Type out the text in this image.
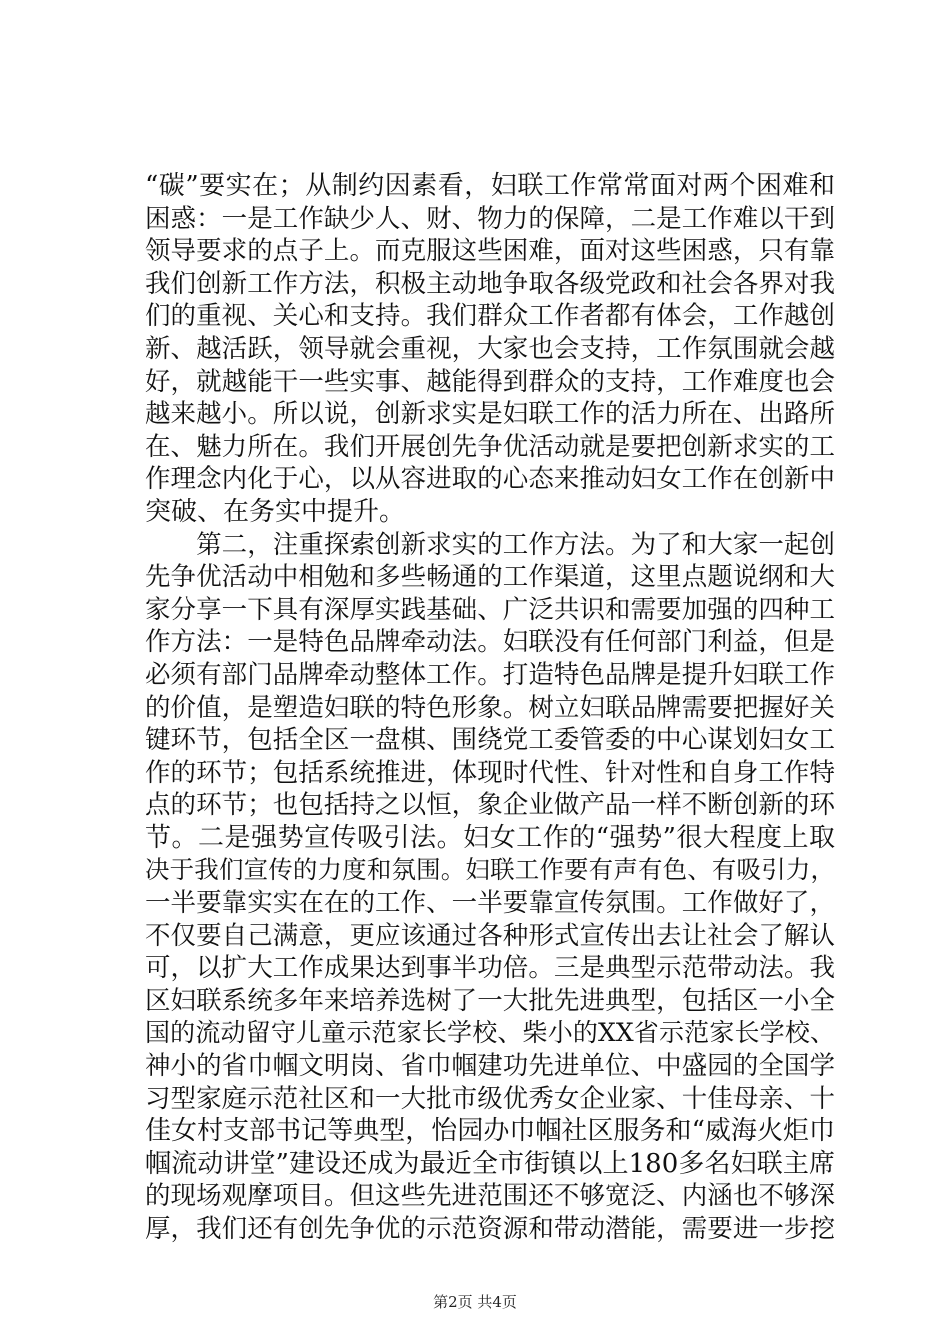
“碳”要实在；从制约因素看，妇联工作常常面对两个困难和
困惑：一是工作缺少人、财、物力的保障，二是工作难以干到
领导要求的点子上。而克服这些困难，面对这些困惑，只有靠
我们创新工作方法，积极主动地争取各级党政和社会各界对我
们的重视、关心和支持。我们群众工作者都有体会，工作越创
新、越活跃，领导就会重视，大家也会支持，工作氛围就会越
好，就越能干一些实事、越能得到群众的支持，工作难度也会
越来越小。所以说，创新求实是妇联工作的活力所在、出路所
在、魅力所在。我们开展创先争优活动就是要把创新求实的工
作理念内化于心，以从容进取的心态来推动妇女工作在创新中
突破、在务实中提升。
　　第二，注重探索创新求实的工作方法。为了和大家一起创
先争优活动中相勉和多些畅通的工作渠道，这里点题说纲和大
家分享一下具有深厚实践基础、广泛共识和需要加强的四种工
作方法：一是特色品牌牵动法。妇联没有任何部门利益，但是
必须有部门品牌牵动整体工作。打造特色品牌是提升妇联工作
的价值，是塑造妇联的特色形象。树立妇联品牌需要把握好关
键环节，包括全区一盘棋、围绕党工委管委的中心谋划妇女工
作的环节；包括系统推进，体现时代性、针对性和自身工作特
点的环节；也包括持之以恒，象企业做产品一样不断创新的环
节。二是强势宣传吸引法。妇女工作的“强势”很大程度上取
决于我们宣传的力度和氛围。妇联工作要有声有色、有吸引力，
一半要靠实实在在的工作、一半要靠宣传氛围。工作做好了，
不仅要自己满意，更应该通过各种形式宣传出去让社会了解认
可，以扩大工作成果达到事半功倍。三是典型示范带动法。我
区妇联系统多年来培养选树了一大批先进典型，包括区一小全
国的流动留守儿童示范家长学校、柴小的XX省示范家长学校、
神小的省巾帼文明岗、省巾帼建功先进单位、中盛园的全国学
习型家庭示范社区和一大批市级优秀女企业家、十佳母亲、十
佳女村支部书记等典型，怡园办巾帼社区服务和“威海火炬巾
帼流动讲堂”建设还成为最近全市街镇以上180多名妇联主席
的现场观摩项目。但这些先进范围还不够宽泛、内涵也不够深
厚，我们还有创先争优的示范资源和带动潜能，需要进一步挖
第2页 共4页
